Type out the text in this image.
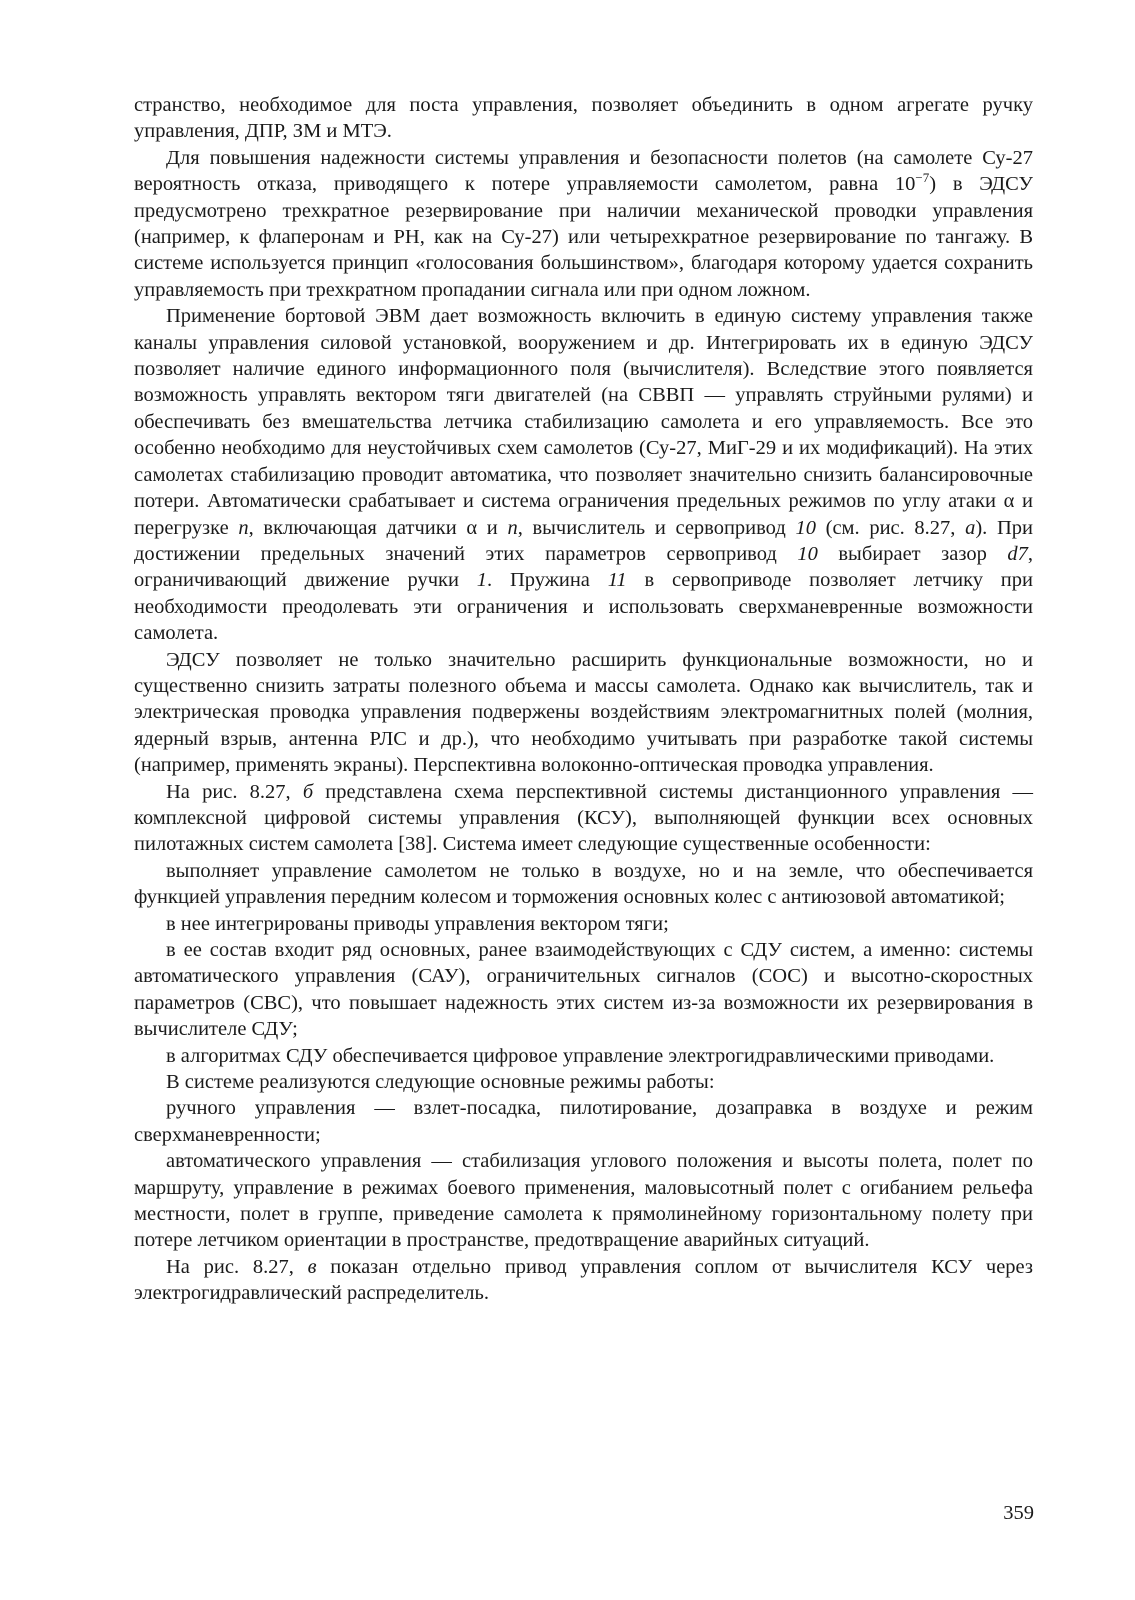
странство, необходимое для поста управления, позволяет объединить в одном агрегате ручку управления, ДПР, ЗМ и МТЭ.

Для повышения надежности системы управления и безопасности полетов (на самолете Су-27 вероятность отказа, приводящего к потере управляемости самолетом, равна $10^{-7}$) в ЭДСУ предусмотрено трехкратное резервирование при наличии механической проводки управления (например, к флаперонам и РН, как на Су-27) или четырехкратное резервирование по тангажу. В системе используется принцип «голосования большинством», благодаря которому удается сохранить управляемость при трехкратном пропадании сигнала или при одном ложном.

Применение бортовой ЭВМ дает возможность включить в единую систему управления также каналы управления силовой установкой, вооружением и др. Интегрировать их в единую ЭДСУ позволяет наличие единого информационного поля (вычислителя). Вследствие этого появляется возможность управлять вектором тяги двигателей (на СВВП — управлять струйными рулями) и обеспечивать без вмешательства летчика стабилизацию самолета и его управляемость. Все это особенно необходимо для неустойчивых схем самолетов (Су-27, МиГ-29 и их модификаций). На этих самолетах стабилизацию проводит автоматика, что позволяет значительно снизить балансировочные потери. Автоматически срабатывает и система ограничения предельных режимов по углу атаки α и перегрузке n, включающая датчики α и n, вычислитель и сервопривод 10 (см. рис. 8.27, а). При достижении предельных значений этих параметров сервопривод 10 выбирает зазор d7, ограничивающий движение ручки 1. Пружина 11 в сервоприводе позволяет летчику при необходимости преодолевать эти ограничения и использовать сверхманевренные возможности самолета.

ЭДСУ позволяет не только значительно расширить функциональные возможности, но и существенно снизить затраты полезного объема и массы самолета. Однако как вычислитель, так и электрическая проводка управления подвержены воздействиям электромагнитных полей (молния, ядерный взрыв, антенна РЛС и др.), что необходимо учитывать при разработке такой системы (например, применять экраны). Перспективна волоконно-оптическая проводка управления.

На рис. 8.27, б представлена схема перспективной системы дистанционного управления — комплексной цифровой системы управления (КСУ), выполняющей функции всех основных пилотажных систем самолета [38]. Система имеет следующие существенные особенности:

выполняет управление самолетом не только в воздухе, но и на земле, что обеспечивается функцией управления передним колесом и торможения основных колес с антиюзовой автоматикой;

в нее интегрированы приводы управления вектором тяги;

в ее состав входит ряд основных, ранее взаимодействующих с СДУ систем, а именно: системы автоматического управления (САУ), ограничительных сигналов (СОС) и высотно-скоростных параметров (СВС), что повышает надежность этих систем из-за возможности их резервирования в вычислителе СДУ;

в алгоритмах СДУ обеспечивается цифровое управление электрогидравлическими приводами.

В системе реализуются следующие основные режимы работы:

ручного управления — взлет-посадка, пилотирование, дозаправка в воздухе и режим сверхманевренности;

автоматического управления — стабилизация углового положения и высоты полета, полет по маршруту, управление в режимах боевого применения, маловысотный полет с огибанием рельефа местности, полет в группе, приведение самолета к прямолинейному горизонтальному полету при потере летчиком ориентации в пространстве, предотвращение аварийных ситуаций.

На рис. 8.27, в показан отдельно привод управления соплом от вычислителя КСУ через электрогидравлический распределитель.

359
